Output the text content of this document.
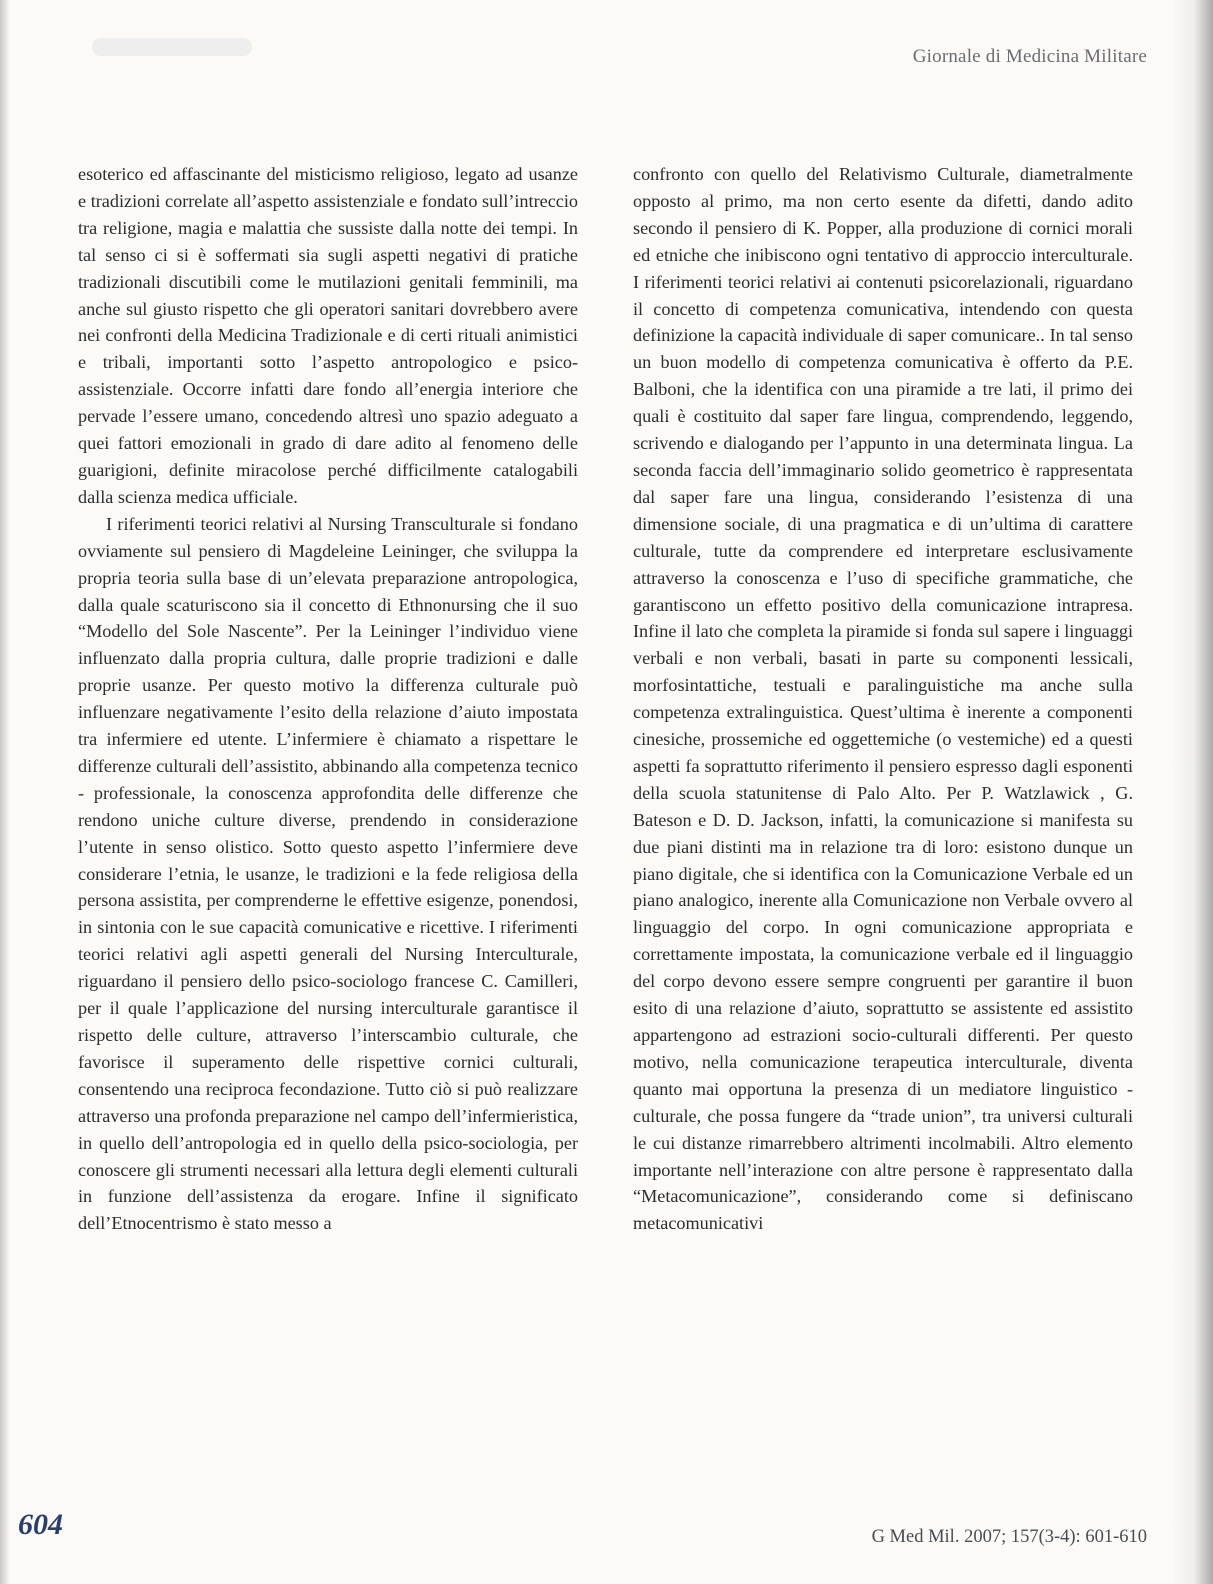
Giornale di Medicina Militare

esoterico ed affascinante del misticismo religioso, legato ad usanze e tradizioni correlate all’aspetto assistenziale e fondato sull’intreccio tra religione, magia e malattia che sussiste dalla notte dei tempi. In tal senso ci si è soffermati sia sugli aspetti negativi di pratiche tradizionali discutibili come le mutilazioni genitali femminili, ma anche sul giusto rispetto che gli operatori sanitari dovrebbero avere nei confronti della Medicina Tradizionale e di certi rituali animistici e tribali, importanti sotto l’aspetto antropologico e psico-assistenziale. Occorre infatti dare fondo all’energia interiore che pervade l’essere umano, concedendo altresì uno spazio adeguato a quei fattori emozionali in grado di dare adito al fenomeno delle guarigioni, definite miracolose perché difficilmente catalogabili dalla scienza medica ufficiale.

I riferimenti teorici relativi al Nursing Transculturale si fondano ovviamente sul pensiero di Magdeleine Leininger, che sviluppa la propria teoria sulla base di un’elevata preparazione antropologica, dalla quale scaturiscono sia il concetto di Ethnonursing che il suo “Modello del Sole Nascente”. Per la Leininger l’individuo viene influenzato dalla propria cultura, dalle proprie tradizioni e dalle proprie usanze. Per questo motivo la differenza culturale può influenzare negativamente l’esito della relazione d’aiuto impostata tra infermiere ed utente. L’infermiere è chiamato a rispettare le differenze culturali dell’assistito, abbinando alla competenza tecnico - professionale, la conoscenza approfondita delle differenze che rendono uniche culture diverse, prendendo in considerazione l’utente in senso olistico. Sotto questo aspetto l’infermiere deve considerare l’etnia, le usanze, le tradizioni e la fede religiosa della persona assistita, per comprenderne le effettive esigenze, ponendosi, in sintonia con le sue capacità comunicative e ricettive. I riferimenti teorici relativi agli aspetti generali del Nursing Interculturale, riguardano il pensiero dello psico-sociologo francese C. Camilleri, per il quale l’applicazione del nursing interculturale garantisce il rispetto delle culture, attraverso l’interscambio culturale, che favorisce il superamento delle rispettive cornici culturali, consentendo una reciproca fecondazione. Tutto ciò si può realizzare attraverso una profonda preparazione nel campo dell’infermieristica, in quello dell’antropologia ed in quello della psico-sociologia, per conoscere gli strumenti necessari alla lettura degli elementi culturali in funzione dell’assistenza da erogare. Infine il significato dell’Etnocentrismo è stato messo a

confronto con quello del Relativismo Culturale, diametralmente opposto al primo, ma non certo esente da difetti, dando adito secondo il pensiero di K. Popper, alla produzione di cornici morali ed etniche che inibiscono ogni tentativo di approccio interculturale. I riferimenti teorici relativi ai contenuti psicorelazionali, riguardano il concetto di competenza comunicativa, intendendo con questa definizione la capacità individuale di saper comunicare.. In tal senso un buon modello di competenza comunicativa è offerto da P.E. Balboni, che la identifica con una piramide a tre lati, il primo dei quali è costituito dal saper fare lingua, comprendendo, leggendo, scrivendo e dialogando per l’appunto in una determinata lingua. La seconda faccia dell’immaginario solido geometrico è rappresentata dal saper fare una lingua, considerando l’esistenza di una dimensione sociale, di una pragmatica e di un’ultima di carattere culturale, tutte da comprendere ed interpretare esclusivamente attraverso la conoscenza e l’uso di specifiche grammatiche, che garantiscono un effetto positivo della comunicazione intrapresa. Infine il lato che completa la piramide si fonda sul sapere i linguaggi verbali e non verbali, basati in parte su componenti lessicali, morfosintattiche, testuali e paralinguistiche ma anche sulla competenza extralinguistica. Quest’ultima è inerente a componenti cinesiche, prossemiche ed oggettemiche (o vestemiche) ed a questi aspetti fa soprattutto riferimento il pensiero espresso dagli esponenti della scuola statunitense di Palo Alto. Per P. Watzlawick , G. Bateson e D. D. Jackson, infatti, la comunicazione si manifesta su due piani distinti ma in relazione tra di loro: esistono dunque un piano digitale, che si identifica con la Comunicazione Verbale ed un piano analogico, inerente alla Comunicazione non Verbale ovvero al linguaggio del corpo. In ogni comunicazione appropriata e correttamente impostata, la comunicazione verbale ed il linguaggio del corpo devono essere sempre congruenti per garantire il buon esito di una relazione d’aiuto, soprattutto se assistente ed assistito appartengono ad estrazioni socio-culturali differenti. Per questo motivo, nella comunicazione terapeutica interculturale, diventa quanto mai opportuna la presenza di un mediatore linguistico - culturale, che possa fungere da “trade union”, tra universi culturali le cui distanze rimarrebbero altrimenti incolmabili. Altro elemento importante nell’interazione con altre persone è rappresentato dalla “Metacomunicazione”, considerando come si definiscano metacomunicativi

604	G Med Mil. 2007; 157(3-4): 601-610
